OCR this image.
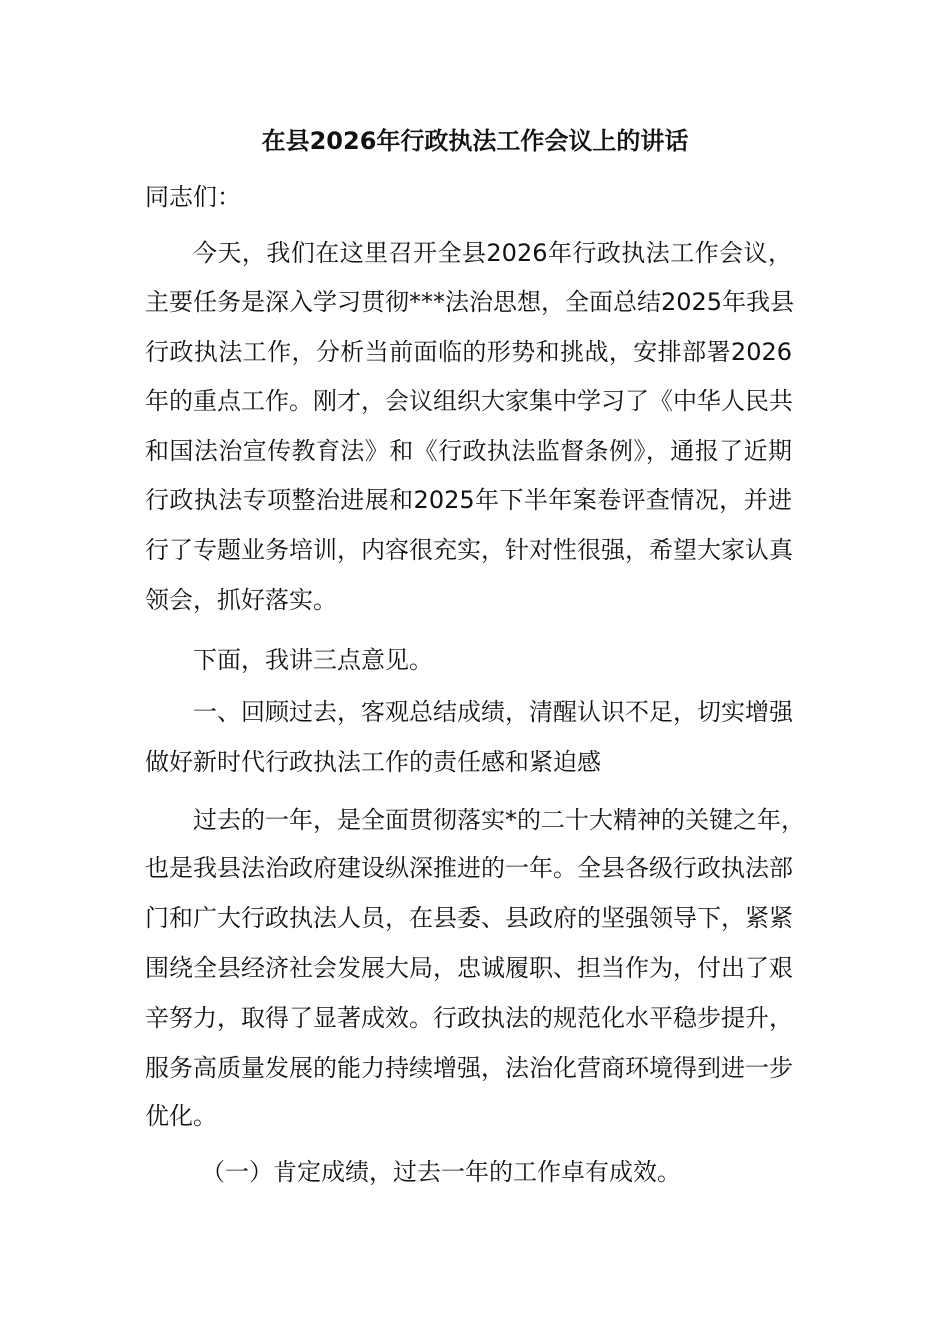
在县2026年行政执法工作会议上的讲话
同志们：
今天，我们在这里召开全县2026年行政执法工作会议，
主要任务是深入学习贯彻***法治思想，全面总结2025年我县
行政执法工作，分析当前面临的形势和挑战，安排部署2026
年的重点工作。刚才，会议组织大家集中学习了《中华人民共
和国法治宣传教育法》和《行政执法监督条例》，通报了近期
行政执法专项整治进展和2025年下半年案卷评查情况，并进
行了专题业务培训，内容很充实，针对性很强，希望大家认真
领会，抓好落实。
下面，我讲三点意见。
一、回顾过去，客观总结成绩，清醒认识不足，切实增强
做好新时代行政执法工作的责任感和紧迫感
过去的一年，是全面贯彻落实*的二十大精神的关键之年，
也是我县法治政府建设纵深推进的一年。全县各级行政执法部
门和广大行政执法人员，在县委、县政府的坚强领导下，紧紧
围绕全县经济社会发展大局，忠诚履职、担当作为，付出了艰
辛努力，取得了显著成效。行政执法的规范化水平稳步提升，
服务高质量发展的能力持续增强，法治化营商环境得到进一步
优化。
（一）肯定成绩，过去一年的工作卓有成效。
